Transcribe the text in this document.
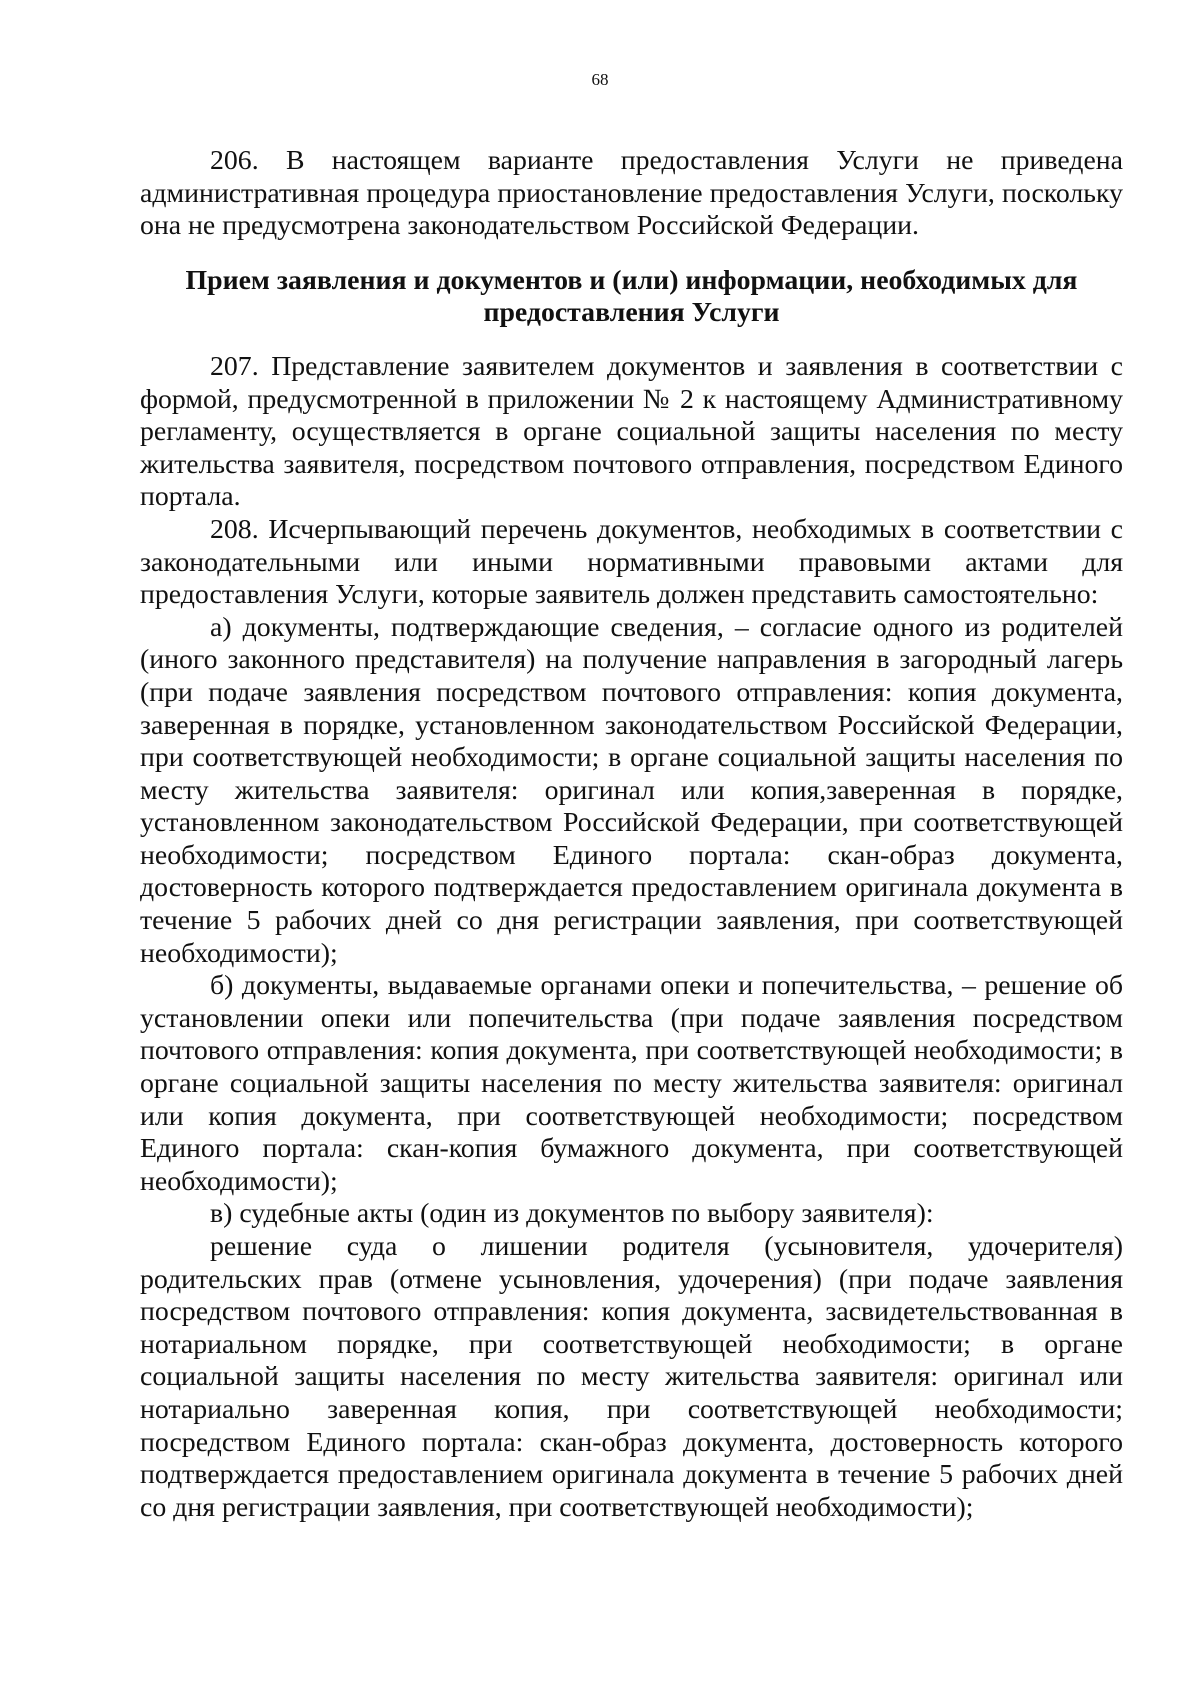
68

206. В настоящем варианте предоставления Услуги не приведена административная процедура приостановление предоставления Услуги, поскольку она не предусмотрена законодательством Российской Федерации.

Прием заявления и документов и (или) информации, необходимых для
предоставления Услуги

207. Представление заявителем документов и заявления в соответствии с формой, предусмотренной в приложении № 2 к настоящему Административному регламенту, осуществляется в органе социальной защиты населения по месту жительства заявителя, посредством почтового отправления, посредством Единого портала.

208. Исчерпывающий перечень документов, необходимых в соответствии с законодательными или иными нормативными правовыми актами для предоставления Услуги, которые заявитель должен представить самостоятельно:

а) документы, подтверждающие сведения, – согласие одного из родителей (иного законного представителя) на получение направления в загородный лагерь (при подаче заявления посредством почтового отправления: копия документа, заверенная в порядке, установленном законодательством Российской Федерации, при соответствующей необходимости; в органе социальной защиты населения по месту жительства заявителя: оригинал или копия,заверенная в порядке, установленном законодательством Российской Федерации, при соответствующей необходимости; посредством Единого портала: скан-образ документа, достоверность которого подтверждается предоставлением оригинала документа в течение 5 рабочих дней со дня регистрации заявления, при соответствующей необходимости);

б) документы, выдаваемые органами опеки и попечительства, – решение об установлении опеки или попечительства (при подаче заявления посредством почтового отправления: копия документа, при соответствующей необходимости; в органе социальной защиты населения по месту жительства заявителя: оригинал или копия документа, при соответствующей необходимости; посредством Единого портала: скан-копия бумажного документа, при соответствующей необходимости);

в) судебные акты (один из документов по выбору заявителя):

решение суда о лишении родителя (усыновителя, удочерителя) родительских прав (отмене усыновления, удочерения) (при подаче заявления посредством почтового отправления: копия документа, засвидетельствованная в нотариальном порядке, при соответствующей необходимости; в органе социальной защиты населения по месту жительства заявителя: оригинал или нотариально заверенная копия, при соответствующей необходимости; посредством Единого портала: скан-образ документа, достоверность которого подтверждается предоставлением оригинала документа в течение 5 рабочих дней со дня регистрации заявления, при соответствующей необходимости);
